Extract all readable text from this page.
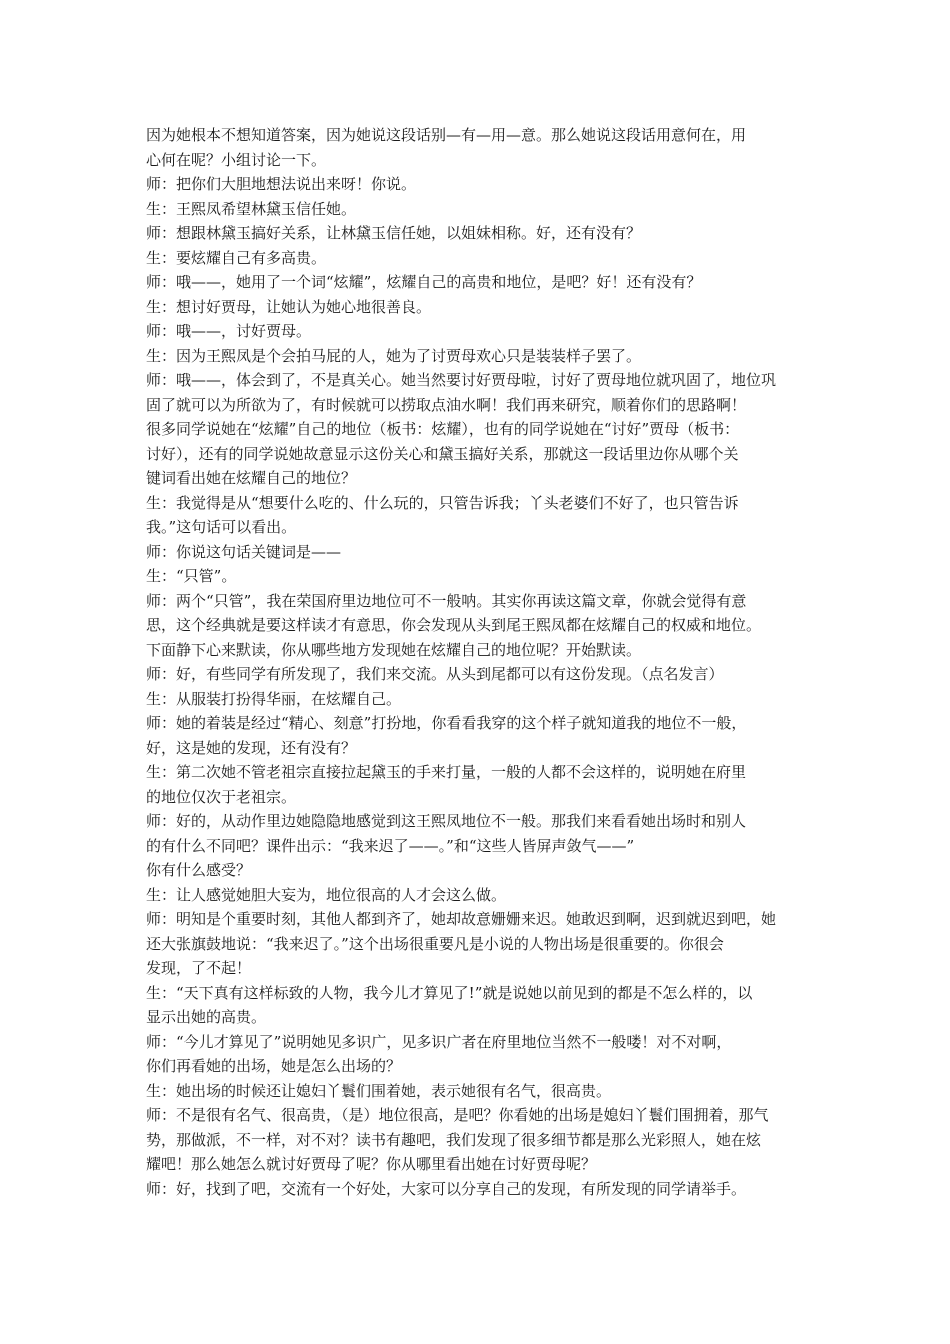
因为她根本不想知道答案，因为她说这段话别—有—用—意。那么她说这段话用意何在，用

心何在呢？小组讨论一下。

师：把你们大胆地想法说出来呀！你说。

生：王熙凤希望林黛玉信任她。

师：想跟林黛玉搞好关系，让林黛玉信任她，以姐妹相称。好，还有没有？

生：要炫耀自己有多高贵。

师：哦——，她用了一个词“炫耀”，炫耀自己的高贵和地位，是吧？好！还有没有？

生：想讨好贾母，让她认为她心地很善良。

师：哦——，讨好贾母。

生：因为王熙凤是个会拍马屁的人，她为了讨贾母欢心只是装装样子罢了。

师：哦——，体会到了，不是真关心。她当然要讨好贾母啦，讨好了贾母地位就巩固了，地位巩

固了就可以为所欲为了，有时候就可以捞取点油水啊！我们再来研究，顺着你们的思路啊！

很多同学说她在“炫耀”自己的地位（板书：炫耀），也有的同学说她在“讨好”贾母（板书：

讨好），还有的同学说她故意显示这份关心和黛玉搞好关系，那就这一段话里边你从哪个关

键词看出她在炫耀自己的地位？

生：我觉得是从“想要什么吃的、什么玩的，只管告诉我；丫头老婆们不好了，也只管告诉

我。”这句话可以看出。

师：你说这句话关键词是——

生：“只管”。

师：两个“只管”，我在荣国府里边地位可不一般呐。其实你再读这篇文章，你就会觉得有意

思，这个经典就是要这样读才有意思，你会发现从头到尾王熙凤都在炫耀自己的权威和地位。

下面静下心来默读，你从哪些地方发现她在炫耀自己的地位呢？开始默读。

师：好，有些同学有所发现了，我们来交流。从头到尾都可以有这份发现。（点名发言）

生：从服装打扮得华丽，在炫耀自己。

师：她的着装是经过“精心、刻意”打扮地，你看看我穿的这个样子就知道我的地位不一般，

好，这是她的发现，还有没有？

生：第二次她不管老祖宗直接拉起黛玉的手来打量，一般的人都不会这样的，说明她在府里

的地位仅次于老祖宗。

师：好的，从动作里边她隐隐地感觉到这王熙凤地位不一般。那我们来看看她出场时和别人

的有什么不同吧？课件出示：“我来迟了——。”和“这些人皆屏声敛气——”

你有什么感受？

生：让人感觉她胆大妄为，地位很高的人才会这么做。

师：明知是个重要时刻，其他人都到齐了，她却故意姗姗来迟。她敢迟到啊，迟到就迟到吧，她

还大张旗鼓地说：“我来迟了。”这个出场很重要凡是小说的人物出场是很重要的。你很会

发现，了不起！

生：“天下真有这样标致的人物，我今儿才算见了!”就是说她以前见到的都是不怎么样的，以

显示出她的高贵。

师：“今儿才算见了”说明她见多识广，见多识广者在府里地位当然不一般喽！对不对啊，

你们再看她的出场，她是怎么出场的？

生：她出场的时候还让媳妇丫鬟们围着她，表示她很有名气，很高贵。

师：不是很有名气、很高贵，（是）地位很高，是吧？你看她的出场是媳妇丫鬟们围拥着，那气

势，那做派，不一样，对不对？读书有趣吧，我们发现了很多细节都是那么光彩照人，她在炫

耀吧！那么她怎么就讨好贾母了呢？你从哪里看出她在讨好贾母呢？

师：好，找到了吧，交流有一个好处，大家可以分享自己的发现，有所发现的同学请举手。
